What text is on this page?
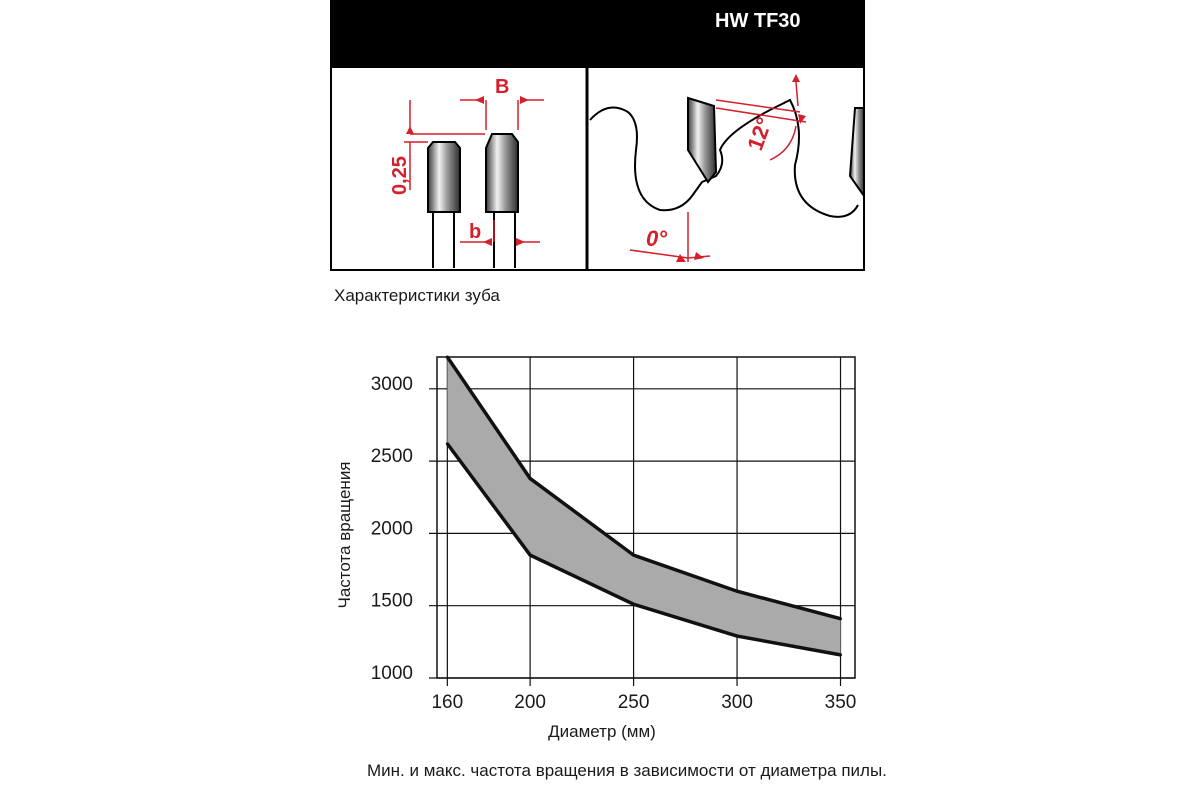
HW TF30
B
b
0,25
12°
0°
Характеристики зуба
160	200	250	300	350
3000
2500
2000
1500
1000
Диаметр (мм)
Частота вращения
Мин. и макс. частота вращения в зависимости от диаметра пилы.
